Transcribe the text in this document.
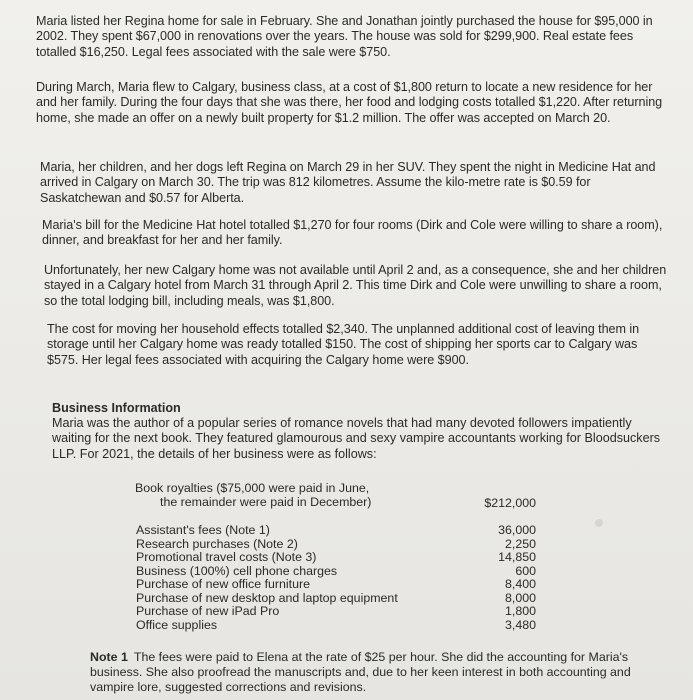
Maria listed her Regina home for sale in February. She and Jonathan jointly purchased the house for $95,000 in 2002. They spent $67,000 in renovations over the years. The house was sold for $299,900. Real estate fees totalled $16,250. Legal fees associated with the sale were $750.

During March, Maria flew to Calgary, business class, at a cost of $1,800 return to locate a new residence for her and her family. During the four days that she was there, her food and lodging costs totalled $1,220. After returning home, she made an offer on a newly built property for $1.2 million. The offer was accepted on March 20.

Maria, her children, and her dogs left Regina on March 29 in her SUV. They spent the night in Medicine Hat and arrived in Calgary on March 30. The trip was 812 kilometres. Assume the kilo-metre rate is $0.59 for Saskatchewan and $0.57 for Alberta.

Maria's bill for the Medicine Hat hotel totalled $1,270 for four rooms (Dirk and Cole were willing to share a room), dinner, and breakfast for her and her family.

Unfortunately, her new Calgary home was not available until April 2 and, as a consequence, she and her children stayed in a Calgary hotel from March 31 through April 2. This time Dirk and Cole were unwilling to share a room, so the total lodging bill, including meals, was $1,800.

The cost for moving her household effects totalled $2,340. The unplanned additional cost of leaving them in storage until her Calgary home was ready totalled $150. The cost of shipping her sports car to Calgary was $575. Her legal fees associated with acquiring the Calgary home were $900.

Business Information
Maria was the author of a popular series of romance novels that had many devoted followers impatiently waiting for the next book. They featured glamourous and sexy vampire accountants working for Bloodsuckers LLP. For 2021, the details of her business were as follows:
Book royalties ($75,000 were paid in June,
the remainder were paid in December)	$212,000
Assistant's fees (Note 1)	36,000
Research purchases (Note 2)	2,250
Promotional travel costs (Note 3)	14,850
Business (100%) cell phone charges	600
Purchase of new office furniture	8,400
Purchase of new desktop and laptop equipment	8,000
Purchase of new iPad Pro	1,800
Office supplies	3,480
Note 1 The fees were paid to Elena at the rate of $25 per hour. She did the accounting for Maria's business. She also proofread the manuscripts and, due to her keen interest in both accounting and vampire lore, suggested corrections and revisions.
